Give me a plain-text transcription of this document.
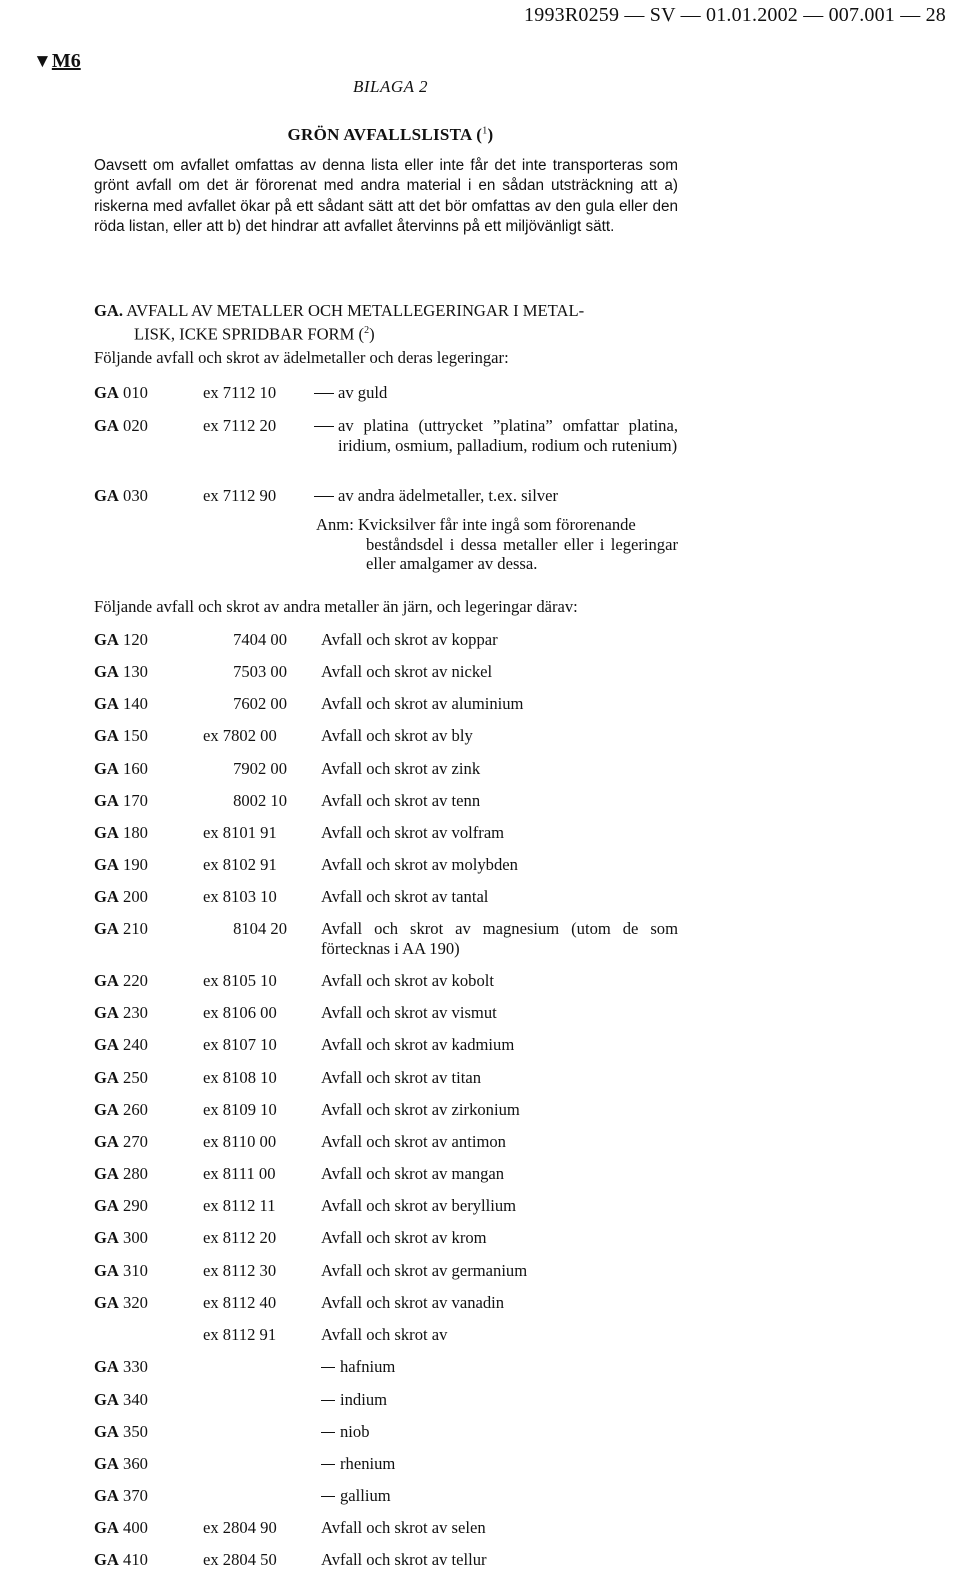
1993R0259 — SV — 01.01.2002 — 007.001 — 28
▼M6
BILAGA 2
GRÖN AVFALLSLISTA ($^1$)
Oavsett om avfallet omfattas av denna lista eller inte får det inte transporteras som grönt avfall om det är förorenat med andra material i en sådan utsträckning att a) riskerna med avfallet ökar på ett sådant sätt att det bör omfattas av den gula eller den röda listan, eller att b) det hindrar att avfallet återvinns på ett miljövänligt sätt.
GA. AVFALL AV METALLER OCH METALLEGERINGAR I METAL-
LISK, ICKE SPRIDBAR FORM ($^2$)
Följande avfall och skrot av ädelmetaller och deras legeringar:
GA 010	ex 7112 10	av guld
GA 020	ex 7112 20	av platina (uttrycket ”platina” omfattar platina, iridium, osmium, palladium, rodium och rutenium)
GA 030	ex 7112 90	av andra ädelmetaller, t.ex. silver
Anm: Kvicksilver får inte ingå som förorenande
beståndsdel i dessa metaller eller i legeringar eller amalgamer av dessa.
Följande avfall och skrot av andra metaller än järn, och legeringar därav:
GA 120	7404 00 Avfall och skrot av koppar
GA 130	7503 00 Avfall och skrot av nickel
GA 140	7602 00 Avfall och skrot av aluminium
GA 150	ex 7802 00	Avfall och skrot av bly
GA 160	7902 00 Avfall och skrot av zink
GA 170	8002 10 Avfall och skrot av tenn
GA 180	ex 8101 91	Avfall och skrot av volfram
GA 190	ex 8102 91	Avfall och skrot av molybden
GA 200	ex 8103 10	Avfall och skrot av tantal
GA 210	8104 20 Avfall och skrot av magnesium (utom de som förtecknas i AA 190)
GA 220	ex 8105 10	Avfall och skrot av kobolt
GA 230	ex 8106 00	Avfall och skrot av vismut
GA 240	ex 8107 10	Avfall och skrot av kadmium
GA 250	ex 8108 10	Avfall och skrot av titan
GA 260	ex 8109 10	Avfall och skrot av zirkonium
GA 270	ex 8110 00	Avfall och skrot av antimon
GA 280	ex 8111 00	Avfall och skrot av mangan
GA 290	ex 8112 11	Avfall och skrot av beryllium
GA 300	ex 8112 20	Avfall och skrot av krom
GA 310	ex 8112 30	Avfall och skrot av germanium
GA 320	ex 8112 40	Avfall och skrot av vanadin
ex 8112 91	Avfall och skrot av
GA 330	hafnium
GA 340	indium
GA 350	niob
GA 360	rhenium
GA 370	gallium
GA 400	ex 2804 90	Avfall och skrot av selen
GA 410	ex 2804 50	Avfall och skrot av tellur
